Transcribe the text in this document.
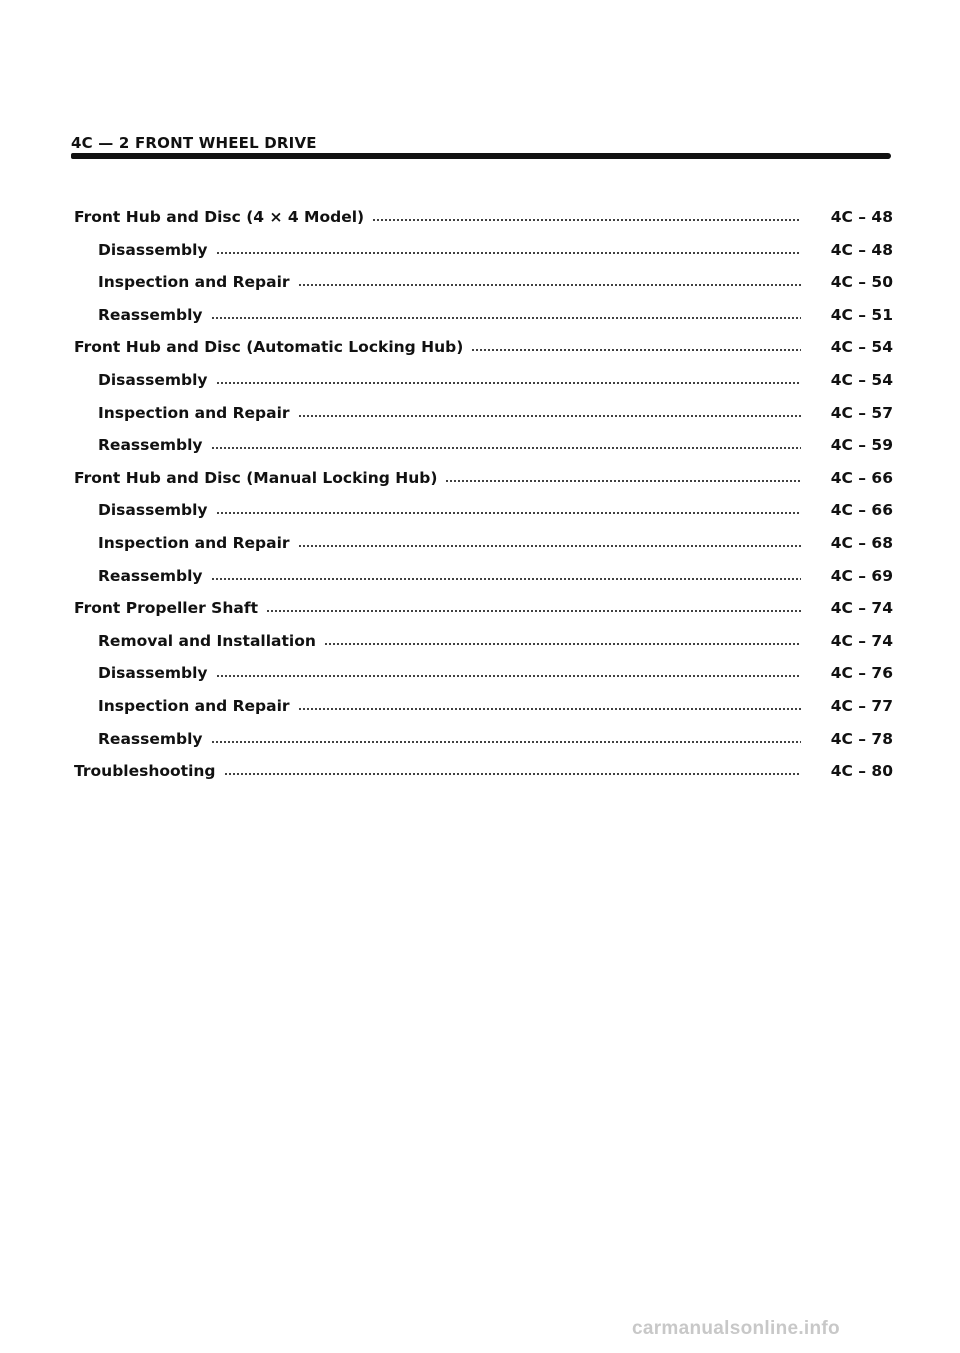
4C — 2 FRONT WHEEL DRIVE
Front Hub and Disc (4 × 4 Model)	4C – 48
Disassembly	4C – 48
Inspection and Repair	4C – 50
Reassembly	4C – 51
Front Hub and Disc (Automatic Locking Hub)	4C – 54
Disassembly	4C – 54
Inspection and Repair	4C – 57
Reassembly	4C – 59
Front Hub and Disc (Manual Locking Hub)	4C – 66
Disassembly	4C – 66
Inspection and Repair	4C – 68
Reassembly	4C – 69
Front Propeller Shaft	4C – 74
Removal and Installation	4C – 74
Disassembly	4C – 76
Inspection and Repair	4C – 77
Reassembly	4C – 78
Troubleshooting	4C – 80
carmanualsonline.info
